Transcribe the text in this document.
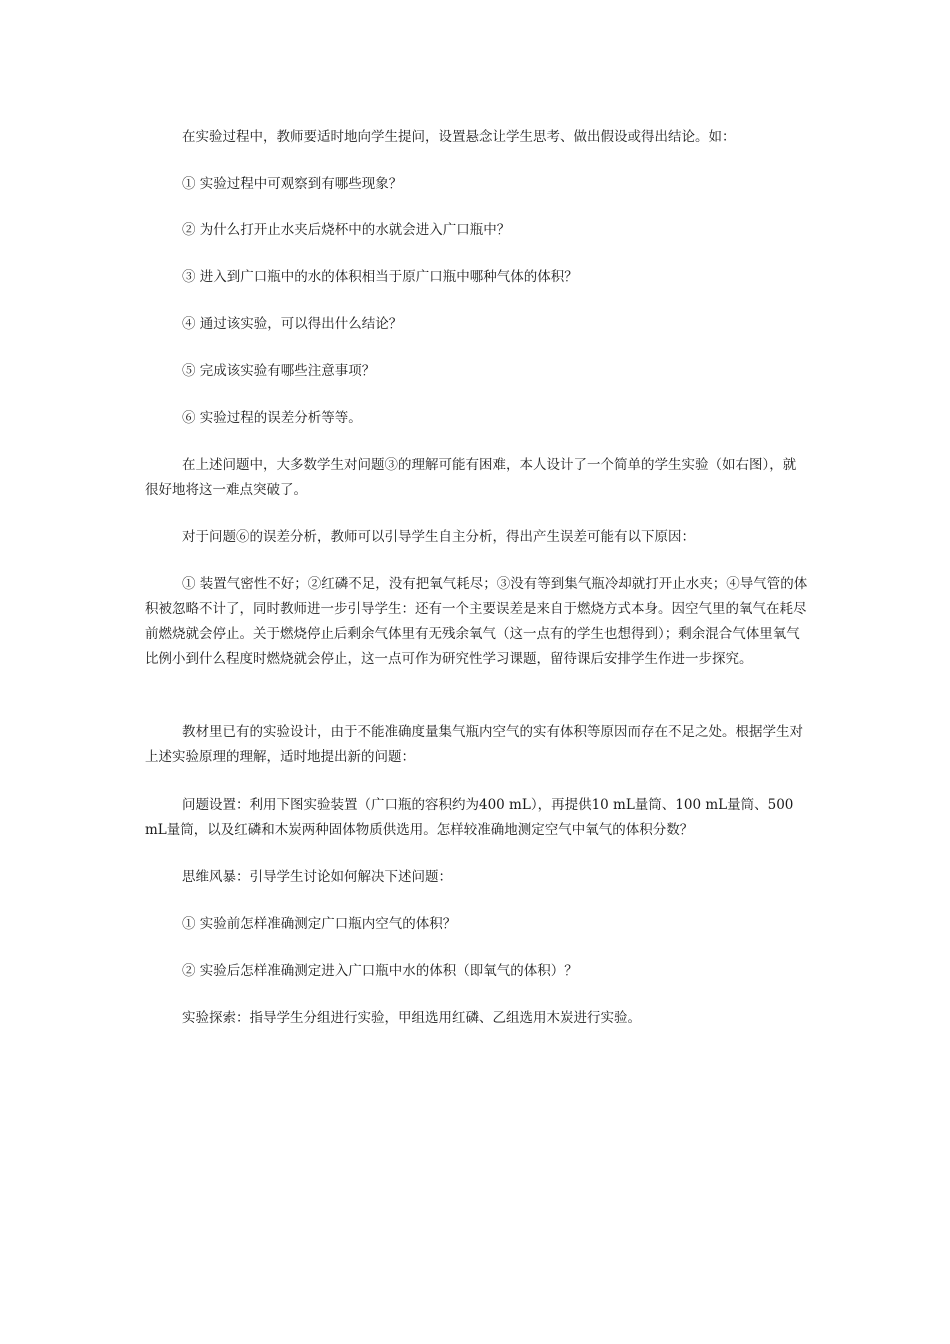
在实验过程中，教师要适时地向学生提问，设置悬念让学生思考、做出假设或得出结论。如：

① 实验过程中可观察到有哪些现象？

② 为什么打开止水夹后烧杯中的水就会进入广口瓶中？

③ 进入到广口瓶中的水的体积相当于原广口瓶中哪种气体的体积？

④ 通过该实验，可以得出什么结论？

⑤ 完成该实验有哪些注意事项？

⑥ 实验过程的误差分析等等。

在上述问题中，大多数学生对问题③的理解可能有困难，本人设计了一个简单的学生实验（如右图），就很好地将这一难点突破了。

对于问题⑥的误差分析，教师可以引导学生自主分析，得出产生误差可能有以下原因：

① 装置气密性不好；②红磷不足，没有把氧气耗尽；③没有等到集气瓶冷却就打开止水夹；④导气管的体积被忽略不计了，同时教师进一步引导学生：还有一个主要误差是来自于燃烧方式本身。因空气里的氧气在耗尽前燃烧就会停止。关于燃烧停止后剩余气体里有无残余氧气（这一点有的学生也想得到）；剩余混合气体里氧气比例小到什么程度时燃烧就会停止，这一点可作为研究性学习课题，留待课后安排学生作进一步探究。

教材里已有的实验设计，由于不能准确度量集气瓶内空气的实有体积等原因而存在不足之处。根据学生对上述实验原理的理解，适时地提出新的问题：

问题设置：利用下图实验装置（广口瓶的容积约为400 mL），再提供10 mL量筒、100 mL量筒、500 mL量筒，以及红磷和木炭两种固体物质供选用。怎样较准确地测定空气中氧气的体积分数？

思维风暴：引导学生讨论如何解决下述问题：

① 实验前怎样准确测定广口瓶内空气的体积？

② 实验后怎样准确测定进入广口瓶中水的体积（即氧气的体积）？

实验探索：指导学生分组进行实验，甲组选用红磷、乙组选用木炭进行实验。
